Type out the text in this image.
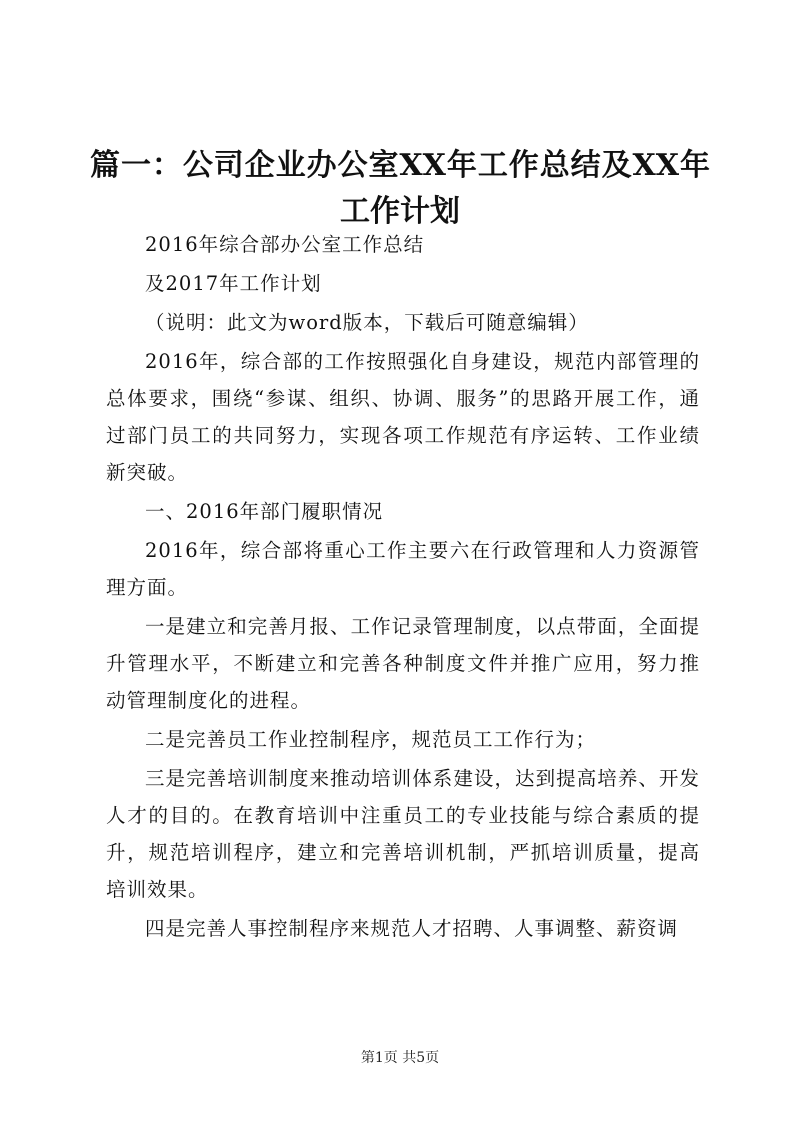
篇一：公司企业办公室XX年工作总结及XX年工作计划

2016年综合部办公室工作总结

及2017年工作计划

（说明：此文为word版本，下载后可随意编辑）

2016年，综合部的工作按照强化自身建设，规范内部管理的总体要求，围绕“参谋、组织、协调、服务”的思路开展工作，通过部门员工的共同努力，实现各项工作规范有序运转、工作业绩新突破。

一、2016年部门履职情况

2016年，综合部将重心工作主要六在行政管理和人力资源管理方面。

一是建立和完善月报、工作记录管理制度，以点带面，全面提升管理水平，不断建立和完善各种制度文件并推广应用，努力推动管理制度化的进程。

二是完善员工作业控制程序，规范员工工作行为；

三是完善培训制度来推动培训体系建设，达到提高培养、开发人才的目的。在教育培训中注重员工的专业技能与综合素质的提升，规范培训程序，建立和完善培训机制，严抓培训质量，提高培训效果。

四是完善人事控制程序来规范人才招聘、人事调整、薪资调

第1页 共5页
